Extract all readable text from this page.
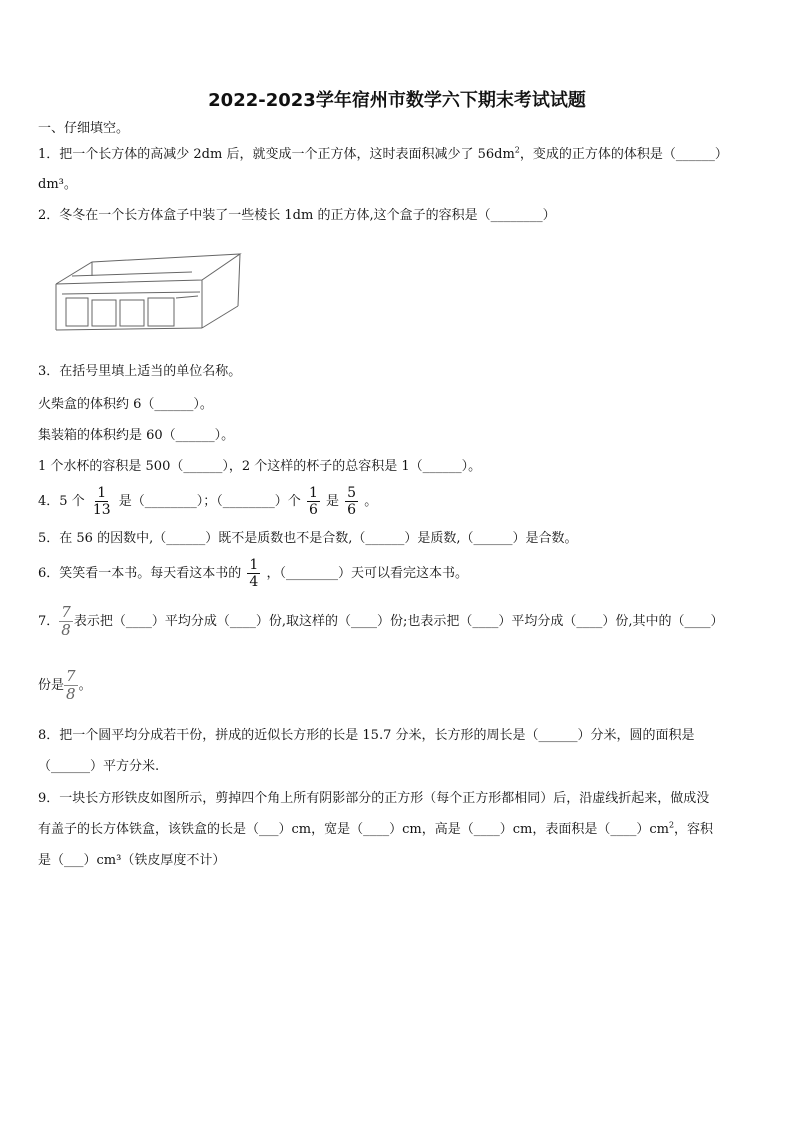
2022-2023学年宿州市数学六下期末考试试题
一、仔细填空。
1．把一个长方体的高减少 2dm 后，就变成一个正方体，这时表面积减少了 $56dm^2$，变成的正方体的体积是（______）
dm³。
2．冬冬在一个长方体盒子中装了一些棱长 1dm 的正方体,这个盒子的容积是（________）
3．在括号里填上适当的单位名称。
火柴盒的体积约 6（______）。
集装箱的体积约是 60（______）。
1 个水杯的容积是 500（______），2 个这样的杯子的总容积是 1（______）。
4．5 个 $\frac{1}{13}$ 是（________）；（________）个 $\frac{1}{6}$ 是 $\frac{5}{6}$ 。
5．在 56 的因数中,（______）既不是质数也不是合数,（______）是质数,（______）是合数。
6．笑笑看一本书。每天看这本书的 $\frac{1}{4}$ ，（________）天可以看完这本书。
7． $\frac{7}{8}$ 表示把（____）平均分成（____）份,取这样的（____）份;也表示把（____）平均分成（____）份,其中的（____）
份是 $\frac{7}{8}$ 。
8．把一个圆平均分成若干份，拼成的近似长方形的长是 15.7 分米，长方形的周长是（______）分米，圆的面积是
（______）平方分米.
9．一块长方形铁皮如图所示，剪掉四个角上所有阴影部分的正方形（每个正方形都相同）后，沿虚线折起来，做成没
有盖子的长方体铁盒，该铁盒的长是（___）cm，宽是（____）cm，高是（____）cm，表面积是$(\_\_\_\_)cm^2$，容积
是（___）cm³（铁皮厚度不计）
